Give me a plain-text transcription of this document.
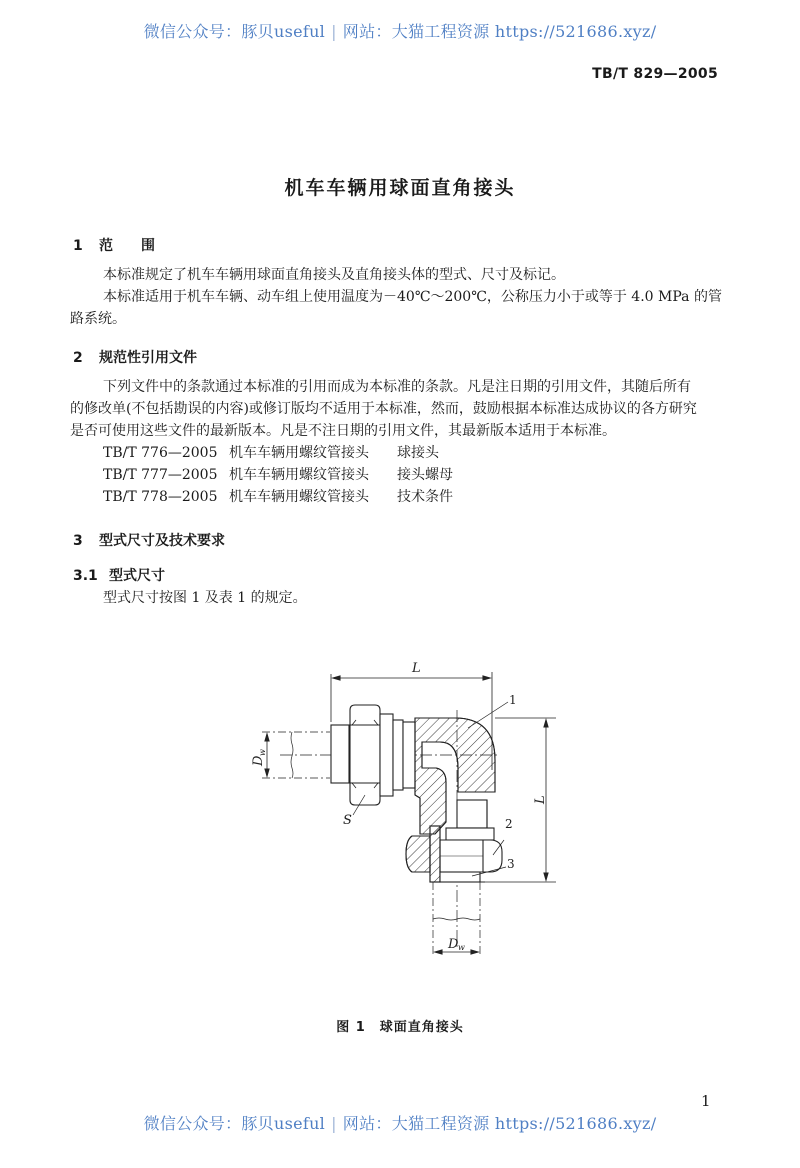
微信公众号：豚贝useful | 网站：大猫工程资源 https://521686.xyz/
TB/T 829—2005
机车车辆用球面直角接头
1 范　　围
本标准规定了机车车辆用球面直角接头及直角接头体的型式、尺寸及标记。
本标准适用于机车车辆、动车组上使用温度为－40℃～200℃，公称压力小于或等于 4.0 MPa 的管
路系统。
2 规范性引用文件
下列文件中的条款通过本标准的引用而成为本标准的条款。凡是注日期的引用文件，其随后所有
的修改单(不包括勘误的内容)或修订版均不适用于本标准，然而，鼓励根据本标准达成协议的各方研究
是否可使用这些文件的最新版本。凡是不注日期的引用文件，其最新版本适用于本标准。
TB/T 776—2005 机车车辆用螺纹管接头 球接头
TB/T 777—2005 机车车辆用螺纹管接头 接头螺母
TB/T 778—2005 机车车辆用螺纹管接头 技术条件
3 型式尺寸及技术要求
3.1 型式尺寸
型式尺寸按图 1 及表 1 的规定。
L
L
D
w
D w
S
1
2
3
图 1 球面直角接头
1
微信公众号：豚贝useful | 网站：大猫工程资源 https://521686.xyz/
